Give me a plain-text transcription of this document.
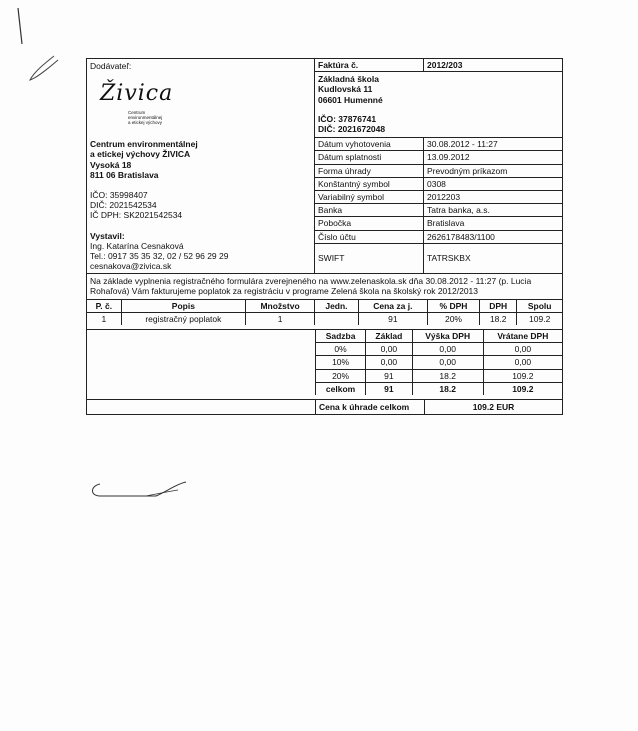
Dodávateľ:
Živica
Centrum
environmentálnej
a etickej výchovy
Centrum environmentálnej
a etickej výchovy ŽIVICA
Vysoká 18
811 06 Bratislava
IČO: 35998407
DIČ: 2021542534
IČ DPH: SK2021542534
Vystavil:
Ing. Katarína Cesnaková
Tel.: 0917 35 35 32, 02 / 52 96 29 29
cesnakova@zivica.sk
Faktúra č.	2012/203
Základná škola
Kudlovská 11
06601 Humenné
IČO: 37876741
DIČ: 2021672048
Dátum vyhotovenia	30.08.2012 - 11:27
Dátum splatnosti	13.09.2012
Forma úhrady	Prevodným príkazom
Konštantný symbol	0308
Variabilný symbol	2012203
Banka	Tatra banka, a.s.
Pobočka	Bratislava
Číslo účtu	2626178483/1100
SWIFT	TATRSKBX
Na základe vyplnenia registračného formulára zverejneného na www.zelenaskola.sk dňa 30.08.2012 - 11:27 (p. Lucia Rohaľová) Vám fakturujeme poplatok za registráciu v programe Zelená škola na školský rok 2012/2013
P. č.	Popis	Množstvo	Jedn.	Cena za j.	% DPH	DPH	Spolu
1	registračný poplatok	1		91	20%	18.2	109.2
Sadzba	Základ	Výška DPH	Vrátane DPH
0%	0,00	0,00	0,00
10%	0,00	0,00	0,00
20%	91	18.2	109.2
celkom	91	18.2	109.2
Cena k úhrade celkom	109.2 EUR
